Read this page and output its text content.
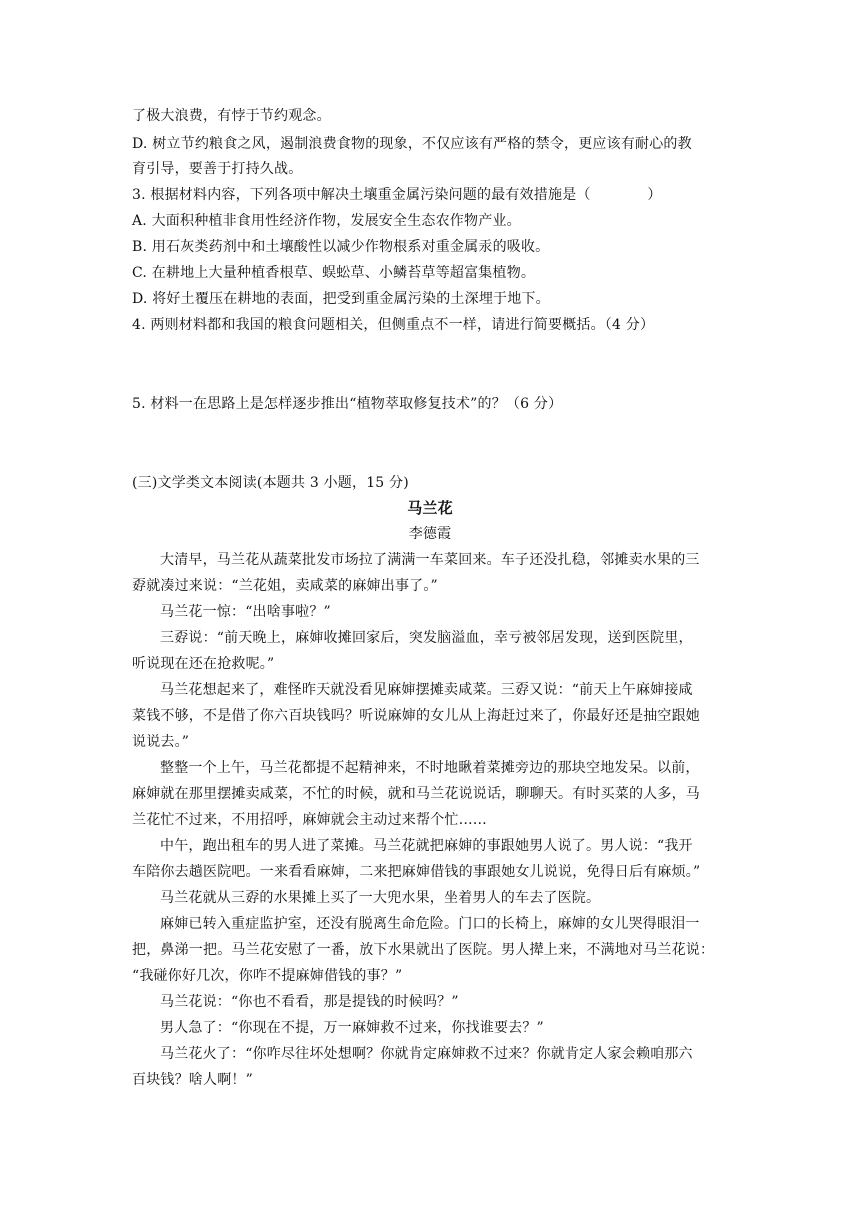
了极大浪费，有悖于节约观念。
D. 树立节约粮食之风，遏制浪费食物的现象，不仅应该有严格的禁令，更应该有耐心的教
育引导，要善于打持久战。
3. 根据材料内容，下列各项中解决土壤重金属污染问题的最有效措施是（　　　　）
A. 大面积种植非食用性经济作物，发展安全生态农作物产业。
B. 用石灰类药剂中和土壤酸性以减少作物根系对重金属汞的吸收。
C. 在耕地上大量种植香根草、蜈蚣草、小鳞苔草等超富集植物。
D. 将好土覆压在耕地的表面，把受到重金属污染的土深埋于地下。
4. 两则材料都和我国的粮食问题相关，但侧重点不一样，请进行简要概括。（4 分）
5. 材料一在思路上是怎样逐步推出“植物萃取修复技术”的？（6 分）
(三)文学类文本阅读(本题共 3 小题，15 分)
马兰花
李德霞
大清早，马兰花从蔬菜批发市场拉了满满一车菜回来。车子还没扎稳，邻摊卖水果的三
孬就凑过来说：“兰花姐，卖咸菜的麻婶出事了。”
马兰花一惊：“出啥事啦？”
三孬说：“前天晚上，麻婶收摊回家后，突发脑溢血，幸亏被邻居发现，送到医院里，
听说现在还在抢救呢。”
马兰花想起来了，难怪昨天就没看见麻婶摆摊卖咸菜。三孬又说：“前天上午麻婶接咸
菜钱不够，不是借了你六百块钱吗？听说麻婶的女儿从上海赶过来了，你最好还是抽空跟她
说说去。”
整整一个上午，马兰花都提不起精神来，不时地瞅着菜摊旁边的那块空地发呆。以前，
麻婶就在那里摆摊卖咸菜，不忙的时候，就和马兰花说说话，聊聊天。有时买菜的人多，马
兰花忙不过来，不用招呼，麻婶就会主动过来帮个忙……
中午，跑出租车的男人进了菜摊。马兰花就把麻婶的事跟她男人说了。男人说：“我开
车陪你去趟医院吧。一来看看麻婶，二来把麻婶借钱的事跟她女儿说说，免得日后有麻烦。”
马兰花就从三孬的水果摊上买了一大兜水果，坐着男人的车去了医院。
麻婶已转入重症监护室，还没有脱离生命危险。门口的长椅上，麻婶的女儿哭得眼泪一
把，鼻涕一把。马兰花安慰了一番，放下水果就出了医院。男人撵上来，不满地对马兰花说：
“我碰你好几次，你咋不提麻婶借钱的事？”
马兰花说：“你也不看看，那是提钱的时候吗？”
男人急了：“你现在不提，万一麻婶救不过来，你找谁要去？”
马兰花火了：“你咋尽往坏处想啊？你就肯定麻婶救不过来？你就肯定人家会赖咱那六
百块钱？啥人啊！”
